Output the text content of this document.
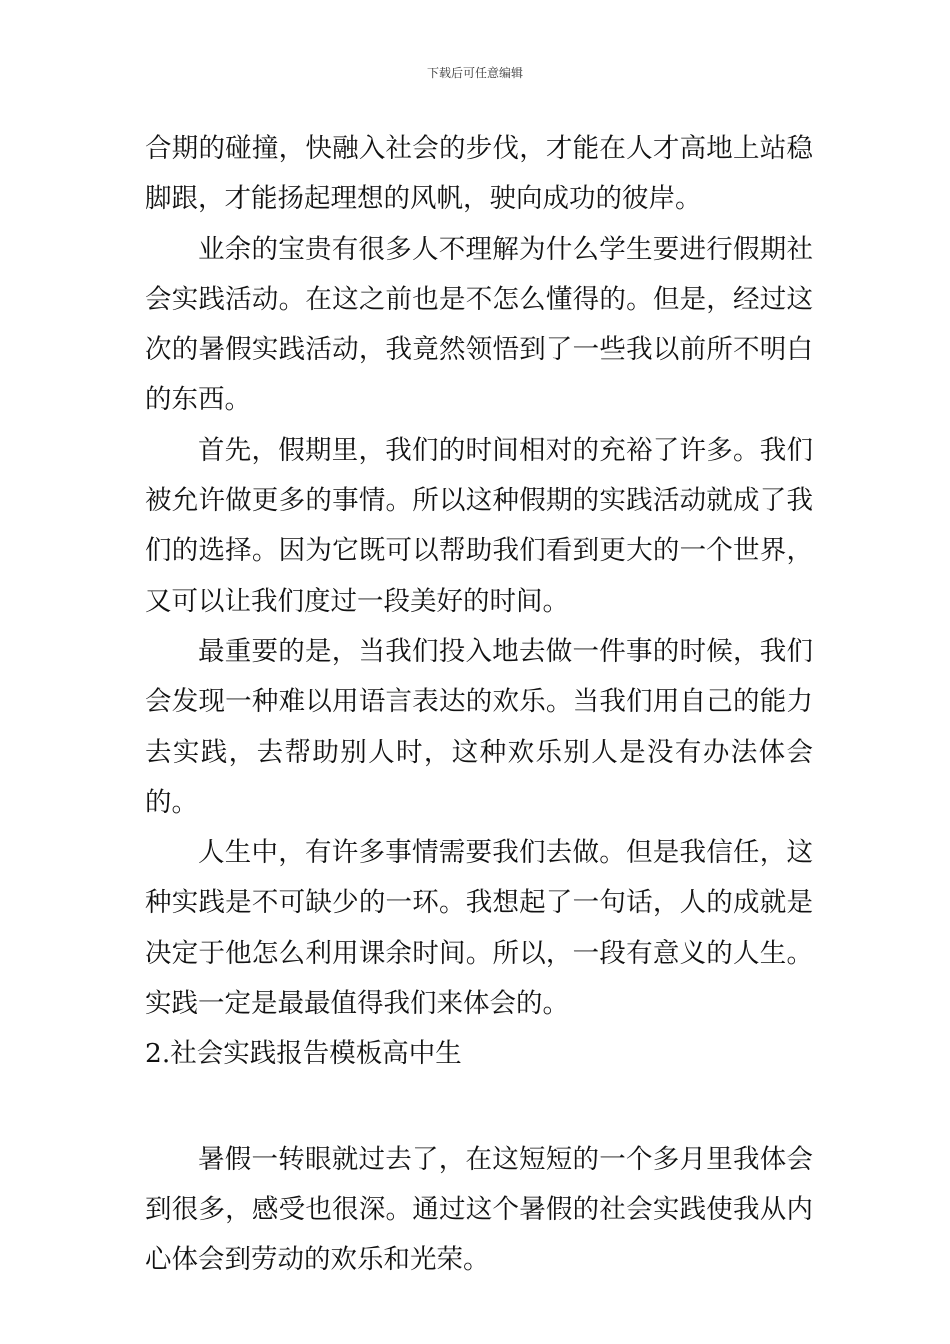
下载后可任意编辑

合期的碰撞，快融入社会的步伐，才能在人才高地上站稳脚跟，才能扬起理想的风帆，驶向成功的彼岸。

业余的宝贵有很多人不理解为什么学生要进行假期社会实践活动。在这之前也是不怎么懂得的。但是，经过这次的暑假实践活动，我竟然领悟到了一些我以前所不明白的东西。

首先，假期里，我们的时间相对的充裕了许多。我们被允许做更多的事情。所以这种假期的实践活动就成了我们的选择。因为它既可以帮助我们看到更大的一个世界，又可以让我们度过一段美好的时间。

最重要的是，当我们投入地去做一件事的时候，我们会发现一种难以用语言表达的欢乐。当我们用自己的能力去实践，去帮助别人时，这种欢乐别人是没有办法体会的。

人生中，有许多事情需要我们去做。但是我信任，这种实践是不可缺少的一环。我想起了一句话，人的成就是决定于他怎么利用课余时间。所以，一段有意义的人生。实践一定是最最值得我们来体会的。

2.社会实践报告模板高中生

暑假一转眼就过去了，在这短短的一个多月里我体会到很多，感受也很深。通过这个暑假的社会实践使我从内心体会到劳动的欢乐和光荣。
